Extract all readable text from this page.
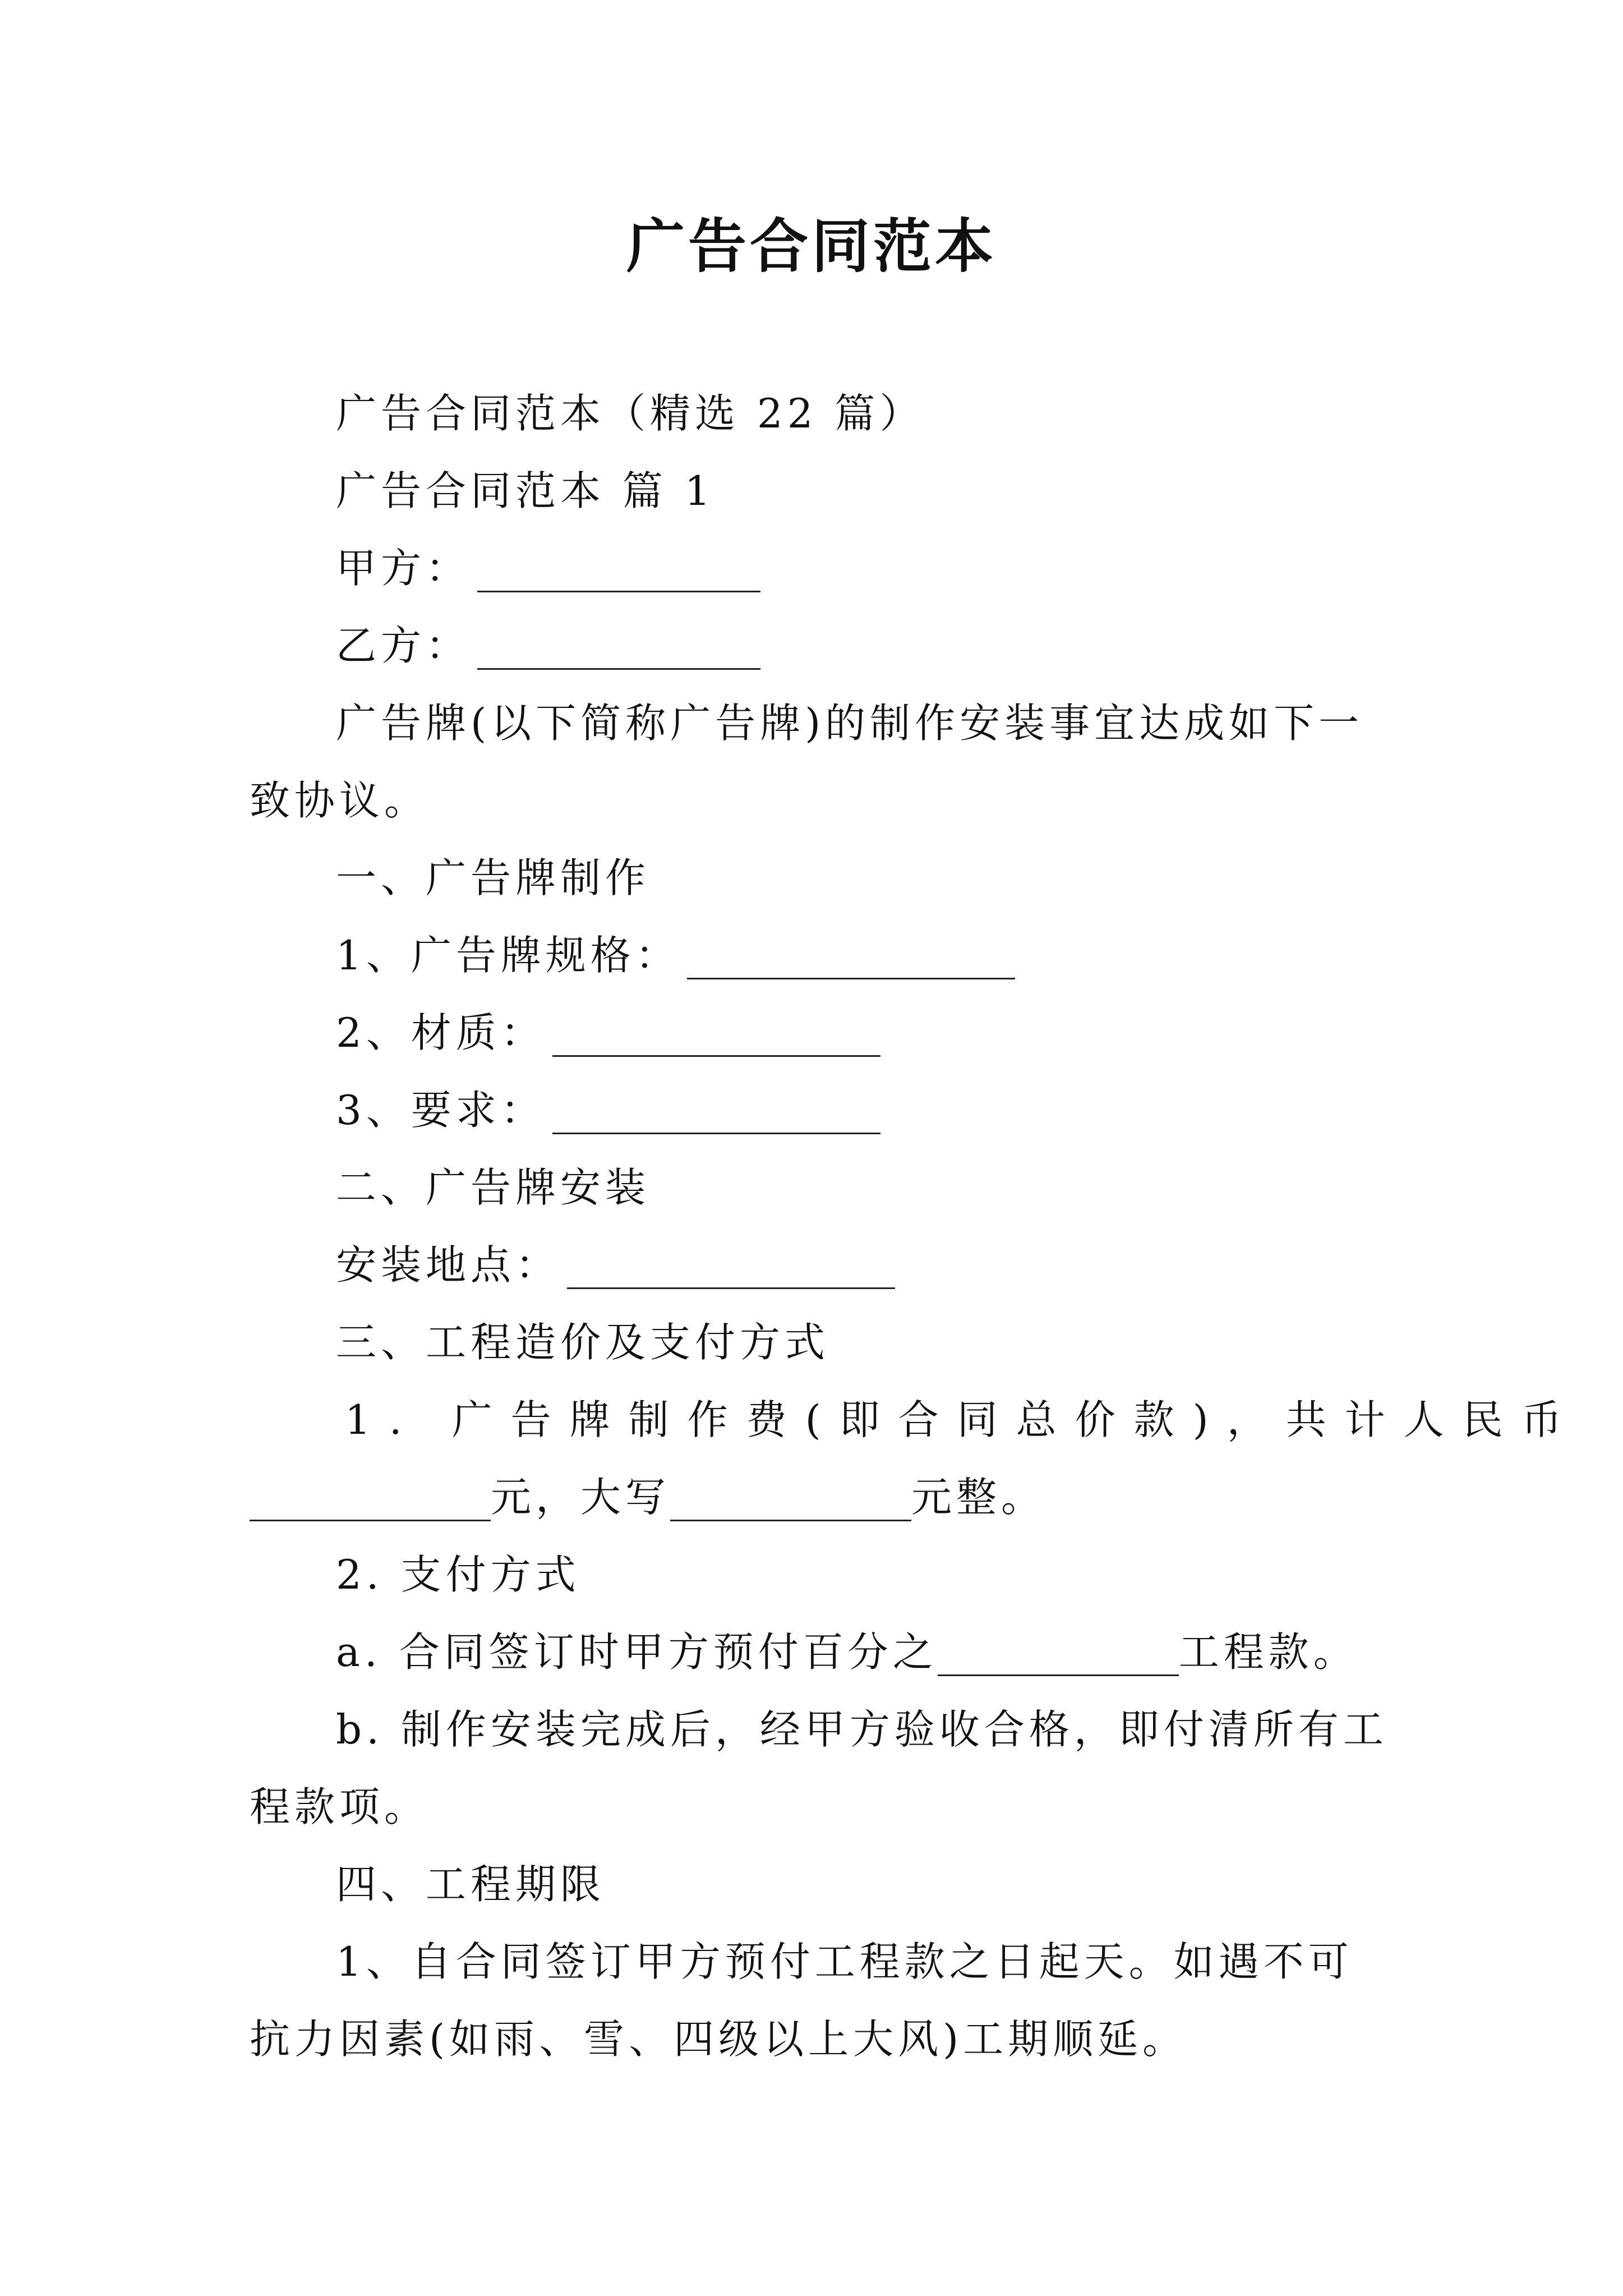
广告合同范本

广告合同范本（精选 22 篇）

广告合同范本 篇 1

甲方：

乙方：

广告牌(以下简称广告牌)的制作安装事宜达成如下一致协议。

一、广告牌制作

1、广告牌规格：

2、材质：

3、要求：

二、广告牌安装

安装地点：

三、工程造价及支付方式

1. 广告牌制作费(即合同总价款)，共计人民币

元，大写	元整。

2. 支付方式

a. 合同签订时甲方预付百分之	工程款。

b. 制作安装完成后，经甲方验收合格，即付清所有工程款项。

四、工程期限

1、自合同签订甲方预付工程款之日起天。如遇不可抗力因素(如雨、雪、四级以上大风)工期顺延。
